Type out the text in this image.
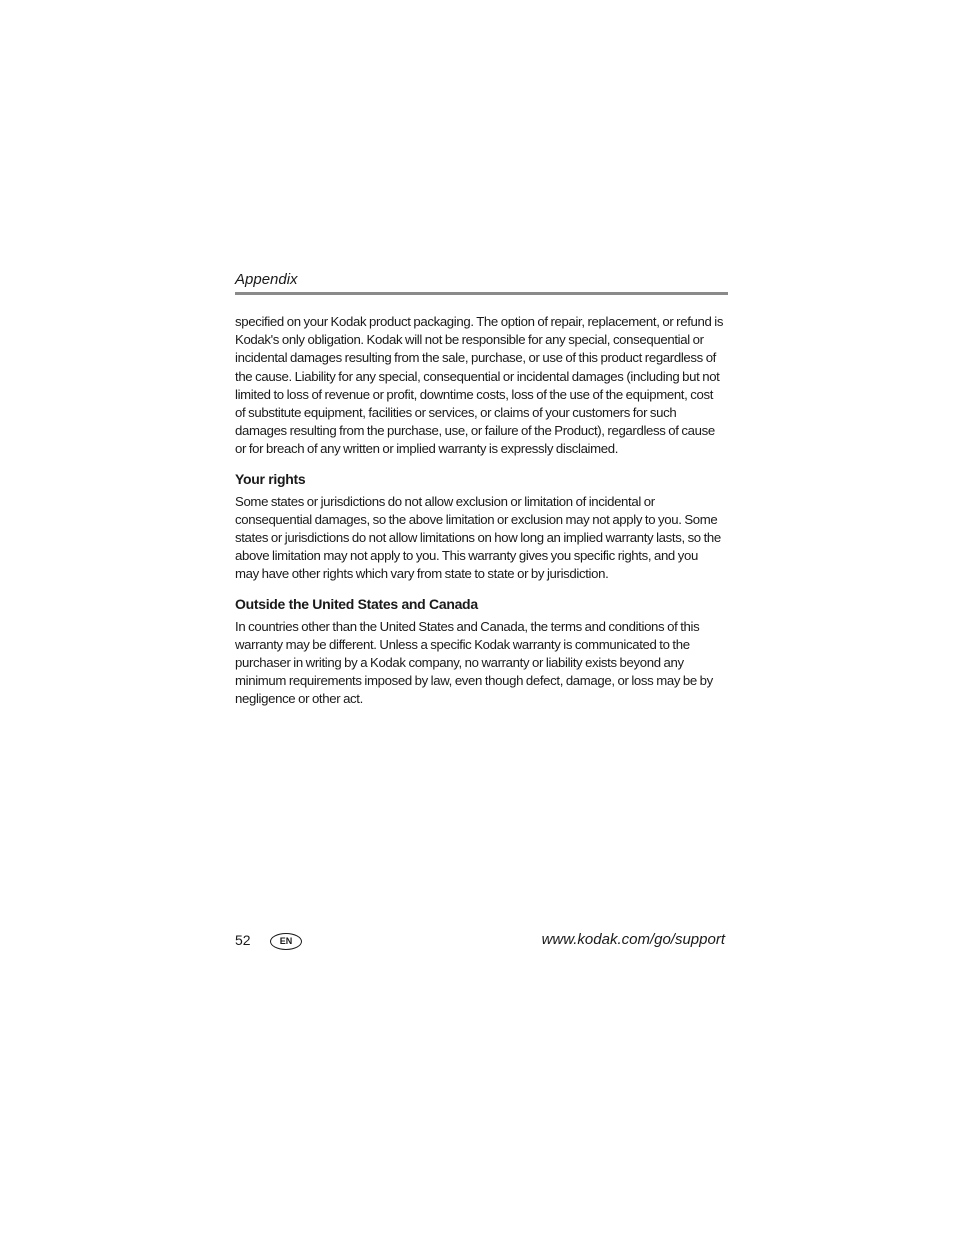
Appendix

specified on your Kodak product packaging. The option of repair, replacement, or refund is Kodak's only obligation. Kodak will not be responsible for any special, consequential or incidental damages resulting from the sale, purchase, or use of this product regardless of the cause. Liability for any special, consequential or incidental damages (including but not limited to loss of revenue or profit, downtime costs, loss of the use of the equipment, cost of substitute equipment, facilities or services, or claims of your customers for such damages resulting from the purchase, use, or failure of the Product), regardless of cause or for breach of any written or implied warranty is expressly disclaimed.

Your rights

Some states or jurisdictions do not allow exclusion or limitation of incidental or consequential damages, so the above limitation or exclusion may not apply to you. Some states or jurisdictions do not allow limitations on how long an implied warranty lasts, so the above limitation may not apply to you. This warranty gives you specific rights, and you may have other rights which vary from state to state or by jurisdiction.

Outside the United States and Canada

In countries other than the United States and Canada, the terms and conditions of this warranty may be different. Unless a specific Kodak warranty is communicated to the purchaser in writing by a Kodak company, no warranty or liability exists beyond any minimum requirements imposed by law, even though defect, damage, or loss may be by negligence or other act.

52	EN	www.kodak.com/go/support
